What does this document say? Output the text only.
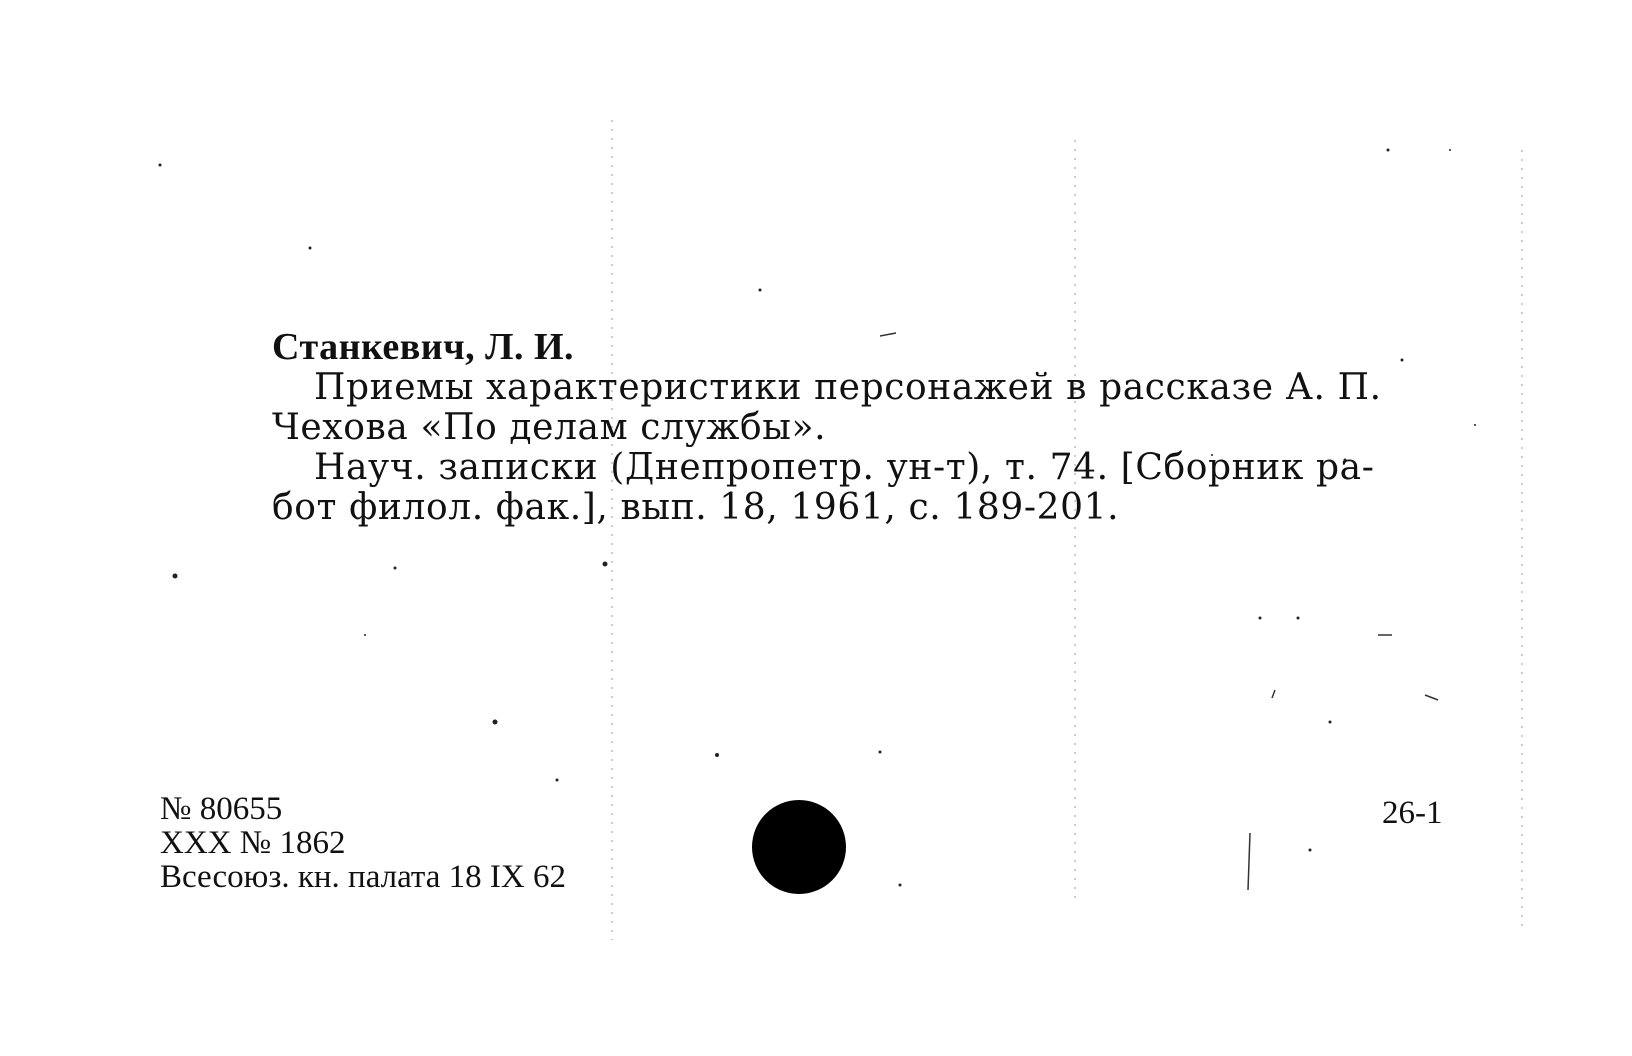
Станкевич, Л. И.
Приемы характеристики персонажей в рассказе А. П.
Чехова «По делам службы».
Науч. записки (Днепропетр. ун-т), т. 74. [Сборник ра-
бот филол. фак.], вып. 18, 1961, с. 189-201.
№ 80655
XXX № 1862
Всесоюз. кн. палата 18 IX 62
26-1
